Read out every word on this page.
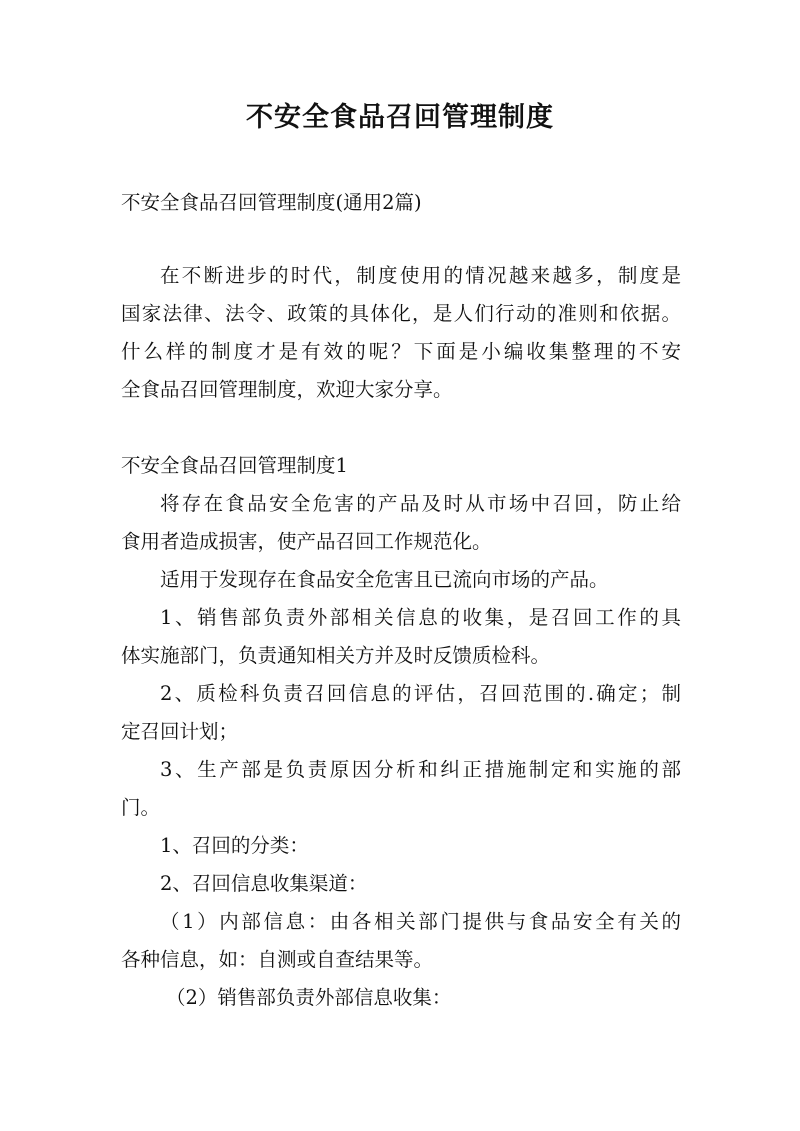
不安全食品召回管理制度
不安全食品召回管理制度(通用2篇)
在不断进步的时代，制度使用的情况越来越多，制度是
国家法律、法令、政策的具体化，是人们行动的准则和依据。
什么样的制度才是有效的呢？下面是小编收集整理的不安
全食品召回管理制度，欢迎大家分享。
不安全食品召回管理制度1
将存在食品安全危害的产品及时从市场中召回，防止给
食用者造成损害，使产品召回工作规范化。
适用于发现存在食品安全危害且已流向市场的产品。
1、销售部负责外部相关信息的收集，是召回工作的具
体实施部门，负责通知相关方并及时反馈质检科。
2、质检科负责召回信息的评估，召回范围的.确定；制
定召回计划；
3、生产部是负责原因分析和纠正措施制定和实施的部
门。
1、召回的分类：
2、召回信息收集渠道：
（1）内部信息：由各相关部门提供与食品安全有关的
各种信息，如：自测或自查结果等。
（2）销售部负责外部信息收集：
